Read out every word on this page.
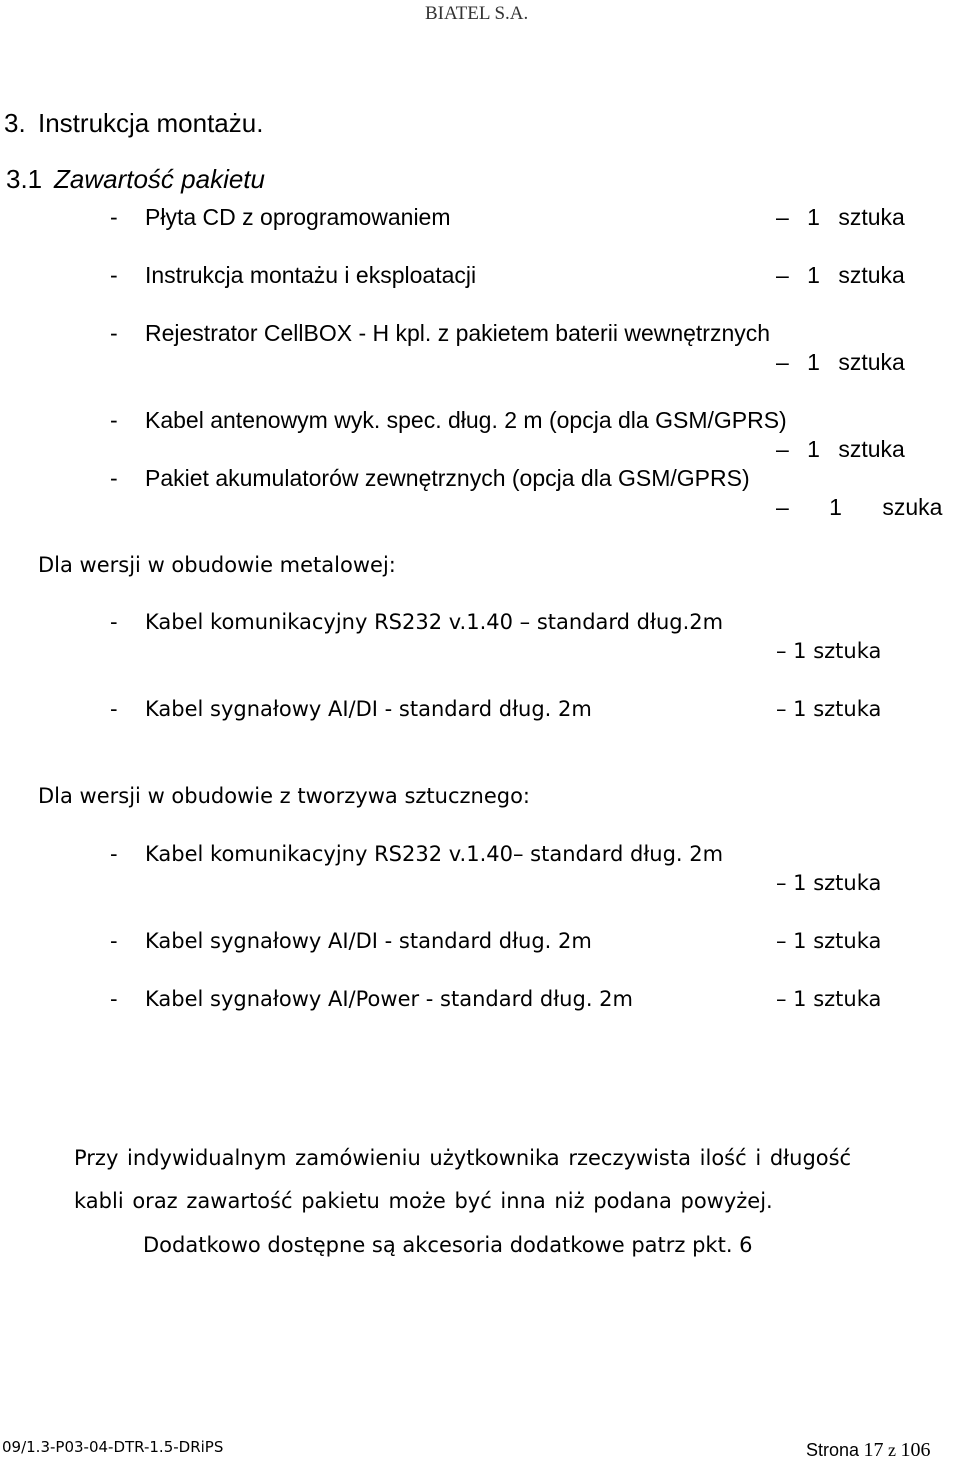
BIATEL S.A.
3. Instrukcja montażu.
3.1 Zawartość pakietu
- Płyta CD z oprogramowaniem	– 1 sztuka
- Instrukcja montażu i eksploatacji	– 1 sztuka
- Rejestrator CellBOX - H kpl. z pakietem baterii wewnętrznych
– 1 sztuka
- Kabel antenowym wyk. spec. dług. 2 m (opcja dla GSM/GPRS)
– 1 sztuka
- Pakiet akumulatorów zewnętrznych (opcja dla GSM/GPRS)
– 1 szuka
Dla wersji w obudowie metalowej:
- Kabel komunikacyjny RS232 v.1.40 – standard dług.2m
– 1 sztuka
- Kabel sygnałowy AI/DI - standard dług. 2m	– 1 sztuka
Dla wersji w obudowie z tworzywa sztucznego:
- Kabel komunikacyjny RS232 v.1.40– standard dług. 2m
– 1 sztuka
- Kabel sygnałowy AI/DI - standard dług. 2m	– 1 sztuka
- Kabel sygnałowy AI/Power - standard dług. 2m	– 1 sztuka
Przy indywidualnym zamówieniu użytkownika rzeczywista ilość i długość
kabli oraz zawartość pakietu może być inna niż podana powyżej.
Dodatkowo dostępne są akcesoria dodatkowe patrz pkt. 6
09/1.3-P03-04-DTR-1.5-DRiPS	Strona 17 z 106
